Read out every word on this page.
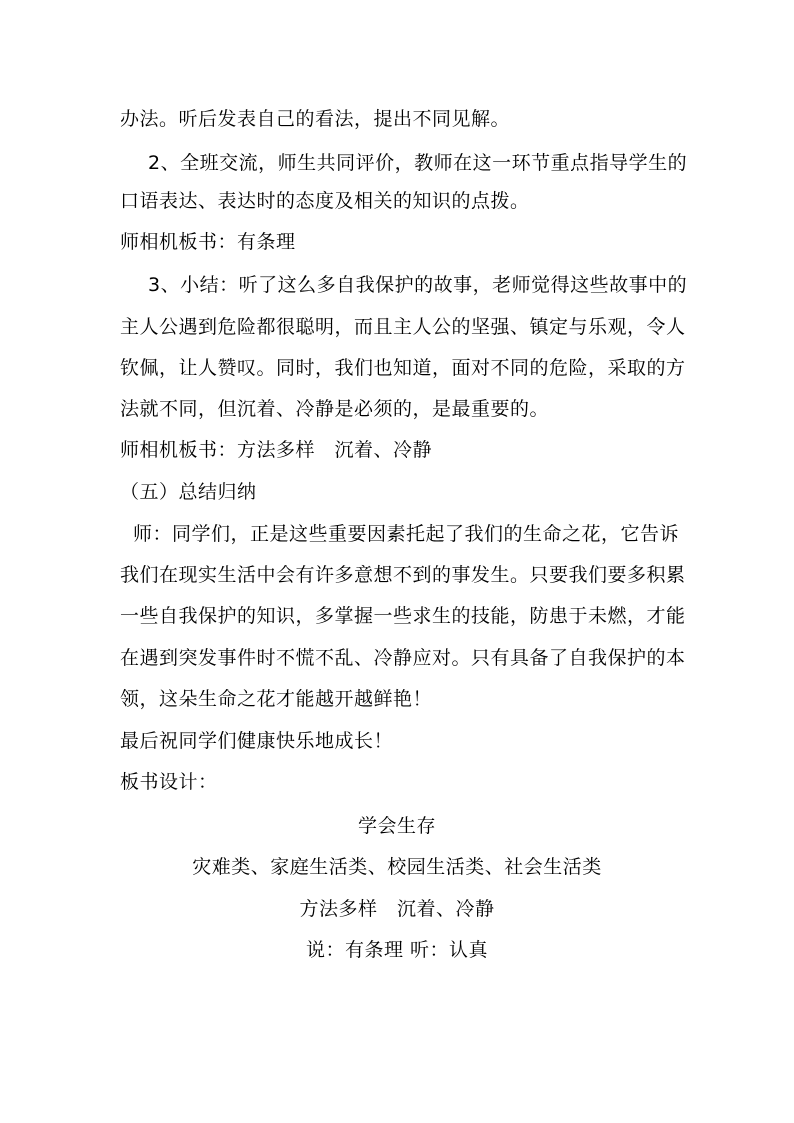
办法。听后发表自己的看法，提出不同见解。
2、全班交流，师生共同评价，教师在这一环节重点指导学生的
口语表达、表达时的态度及相关的知识的点拨。
师相机板书：有条理
3、小结：听了这么多自我保护的故事，老师觉得这些故事中的
主人公遇到危险都很聪明，而且主人公的坚强、镇定与乐观，令人
钦佩，让人赞叹。同时，我们也知道，面对不同的危险，采取的方
法就不同，但沉着、冷静是必须的，是最重要的。
师相机板书：方法多样　沉着、冷静
（五）总结归纳
师：同学们，正是这些重要因素托起了我们的生命之花，它告诉
我们在现实生活中会有许多意想不到的事发生。只要我们要多积累
一些自我保护的知识，多掌握一些求生的技能，防患于未燃，才能
在遇到突发事件时不慌不乱、冷静应对。只有具备了自我保护的本
领，这朵生命之花才能越开越鲜艳！
最后祝同学们健康快乐地成长！
板书设计：
学会生存
灾难类、家庭生活类、校园生活类、社会生活类
方法多样　沉着、冷静
说：有条理 听：认真
